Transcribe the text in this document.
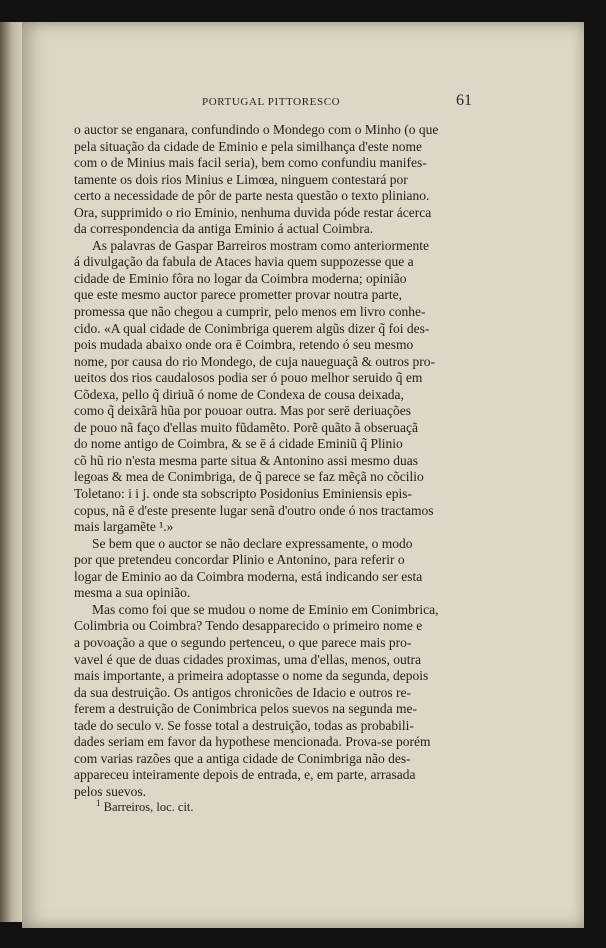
PORTUGAL PITTORESCO	61
o auctor se enganara, confundindo o Mondego com o Minho (o que
pela situação da cidade de Eminio e pela similhança d'este nome
com o de Minius mais facil seria), bem como confundiu manifes-
tamente os dois rios Minius e Limœa, ninguem contestará por
certo a necessidade de pôr de parte nesta questão o texto pliniano.
Ora, supprimido o rio Eminio, nenhuma duvida póde restar ácerca
da correspondencia da antiga Eminio á actual Coimbra.
As palavras de Gaspar Barreiros mostram como anteriormente
á divulgação da fabula de Ataces havia quem suppozesse que a
cidade de Eminio fôra no logar da Coimbra moderna; opinião
que este mesmo auctor parece prometter provar noutra parte,
promessa que não chegou a cumprir, pelo menos em livro conhe-
cido. «A qual cidade de Conimbriga querem algũs dizer q̃ foi des-
pois mudada abaixo onde ora ē Coimbra, retendo ó seu mesmo
nome, por causa do rio Mondego, de cuja naueguaçã & outros pro-
ueitos dos rios caudalosos podia ser ó pouo melhor seruido q̃ em
Cõdexa, pello q̃ diriuã ó nome de Condexa de cousa deixada,
como q̃ deixãrã hũa por pouoar outra. Mas por serē deriuações
de pouo nã faço d'ellas muito fũdamẽto. Porẽ quãto ã obseruaçã
do nome antigo de Coimbra, & se ē á cidade Eminiũ q̃ Plinio
cõ hũ rio n'esta mesma parte situa & Antonino assi mesmo duas
legoas & mea de Conimbriga, de q̃ parece se faz mẽçã no cõcilio
Toletano: i i j. onde sta sobscripto Posidonius Eminiensis epis-
copus, nã ē d'este presente lugar senã d'outro onde ó nos tractamos
mais largamẽte ¹.»
Se bem que o auctor se não declare expressamente, o modo
por que pretendeu concordar Plinio e Antonino, para referir o
logar de Eminio ao da Coimbra moderna, está indicando ser esta
mesma a sua opinião.
Mas como foi que se mudou o nome de Eminio em Conimbrica,
Colimbria ou Coimbra? Tendo desapparecido o primeiro nome e
a povoação a que o segundo pertenceu, o que parece mais pro-
vavel é que de duas cidades proximas, uma d'ellas, menos, outra
mais importante, a primeira adoptasse o nome da segunda, depois
da sua destruição. Os antigos chronicões de Idacio e outros re-
ferem a destruição de Conimbrica pelos suevos na segunda me-
tade do seculo v. Se fosse total a destruição, todas as probabili-
dades seriam em favor da hypothese mencionada. Prova-se porém
com varias razões que a antiga cidade de Conimbriga não des-
appareceu inteiramente depois de entrada, e, em parte, arrasada
pelos suevos.
$^1$ Barreiros, loc. cit.
